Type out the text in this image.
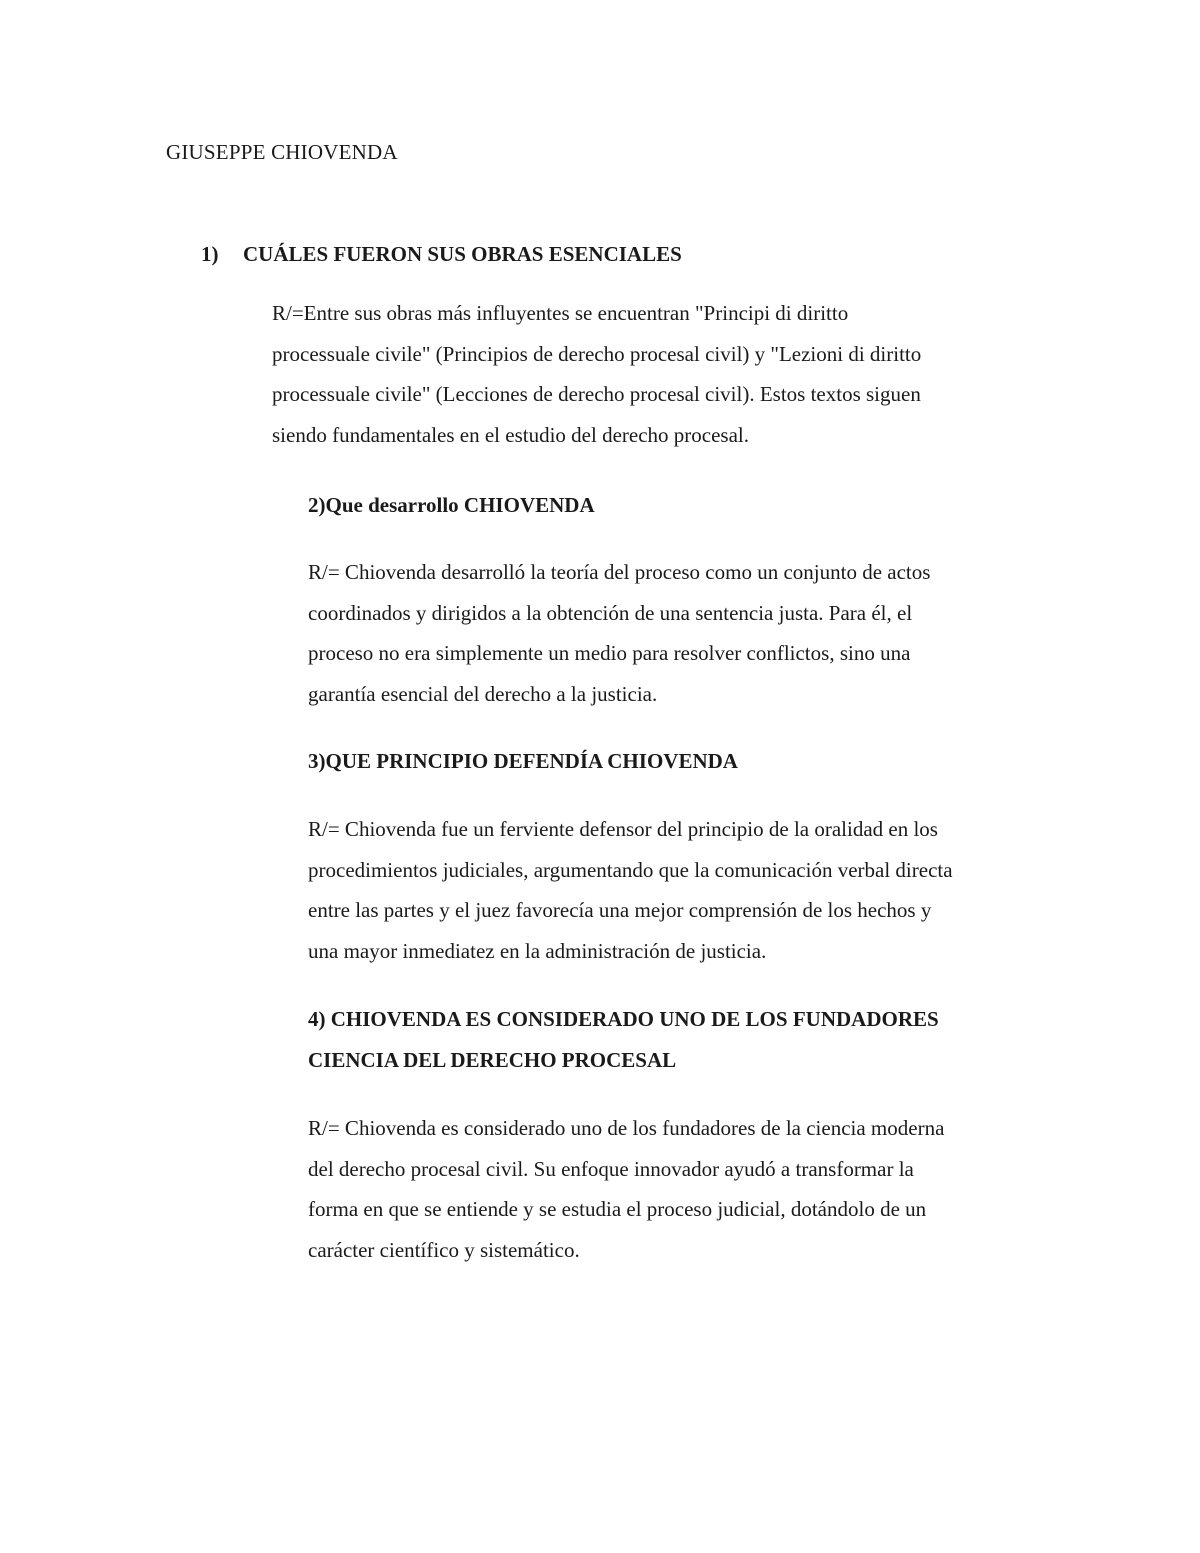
GIUSEPPE CHIOVENDA
1) CUÁLES FUERON SUS OBRAS ESENCIALES

R/=Entre sus obras más influyentes se encuentran "Principi di diritto
processuale civile" (Principios de derecho procesal civil) y "Lezioni di diritto
processuale civile" (Lecciones de derecho procesal civil). Estos textos siguen
siendo fundamentales en el estudio del derecho procesal.

2)Que desarrollo CHIOVENDA

R/= Chiovenda desarrolló la teoría del proceso como un conjunto de actos
coordinados y dirigidos a la obtención de una sentencia justa. Para él, el
proceso no era simplemente un medio para resolver conflictos, sino una
garantía esencial del derecho a la justicia.

3)QUE PRINCIPIO DEFENDÍA CHIOVENDA

R/= Chiovenda fue un ferviente defensor del principio de la oralidad en los
procedimientos judiciales, argumentando que la comunicación verbal directa
entre las partes y el juez favorecía una mejor comprensión de los hechos y
una mayor inmediatez en la administración de justicia.

4) CHIOVENDA ES CONSIDERADO UNO DE LOS FUNDADORES
CIENCIA DEL DERECHO PROCESAL

R/= Chiovenda es considerado uno de los fundadores de la ciencia moderna
del derecho procesal civil. Su enfoque innovador ayudó a transformar la
forma en que se entiende y se estudia el proceso judicial, dotándolo de un
carácter científico y sistemático.
